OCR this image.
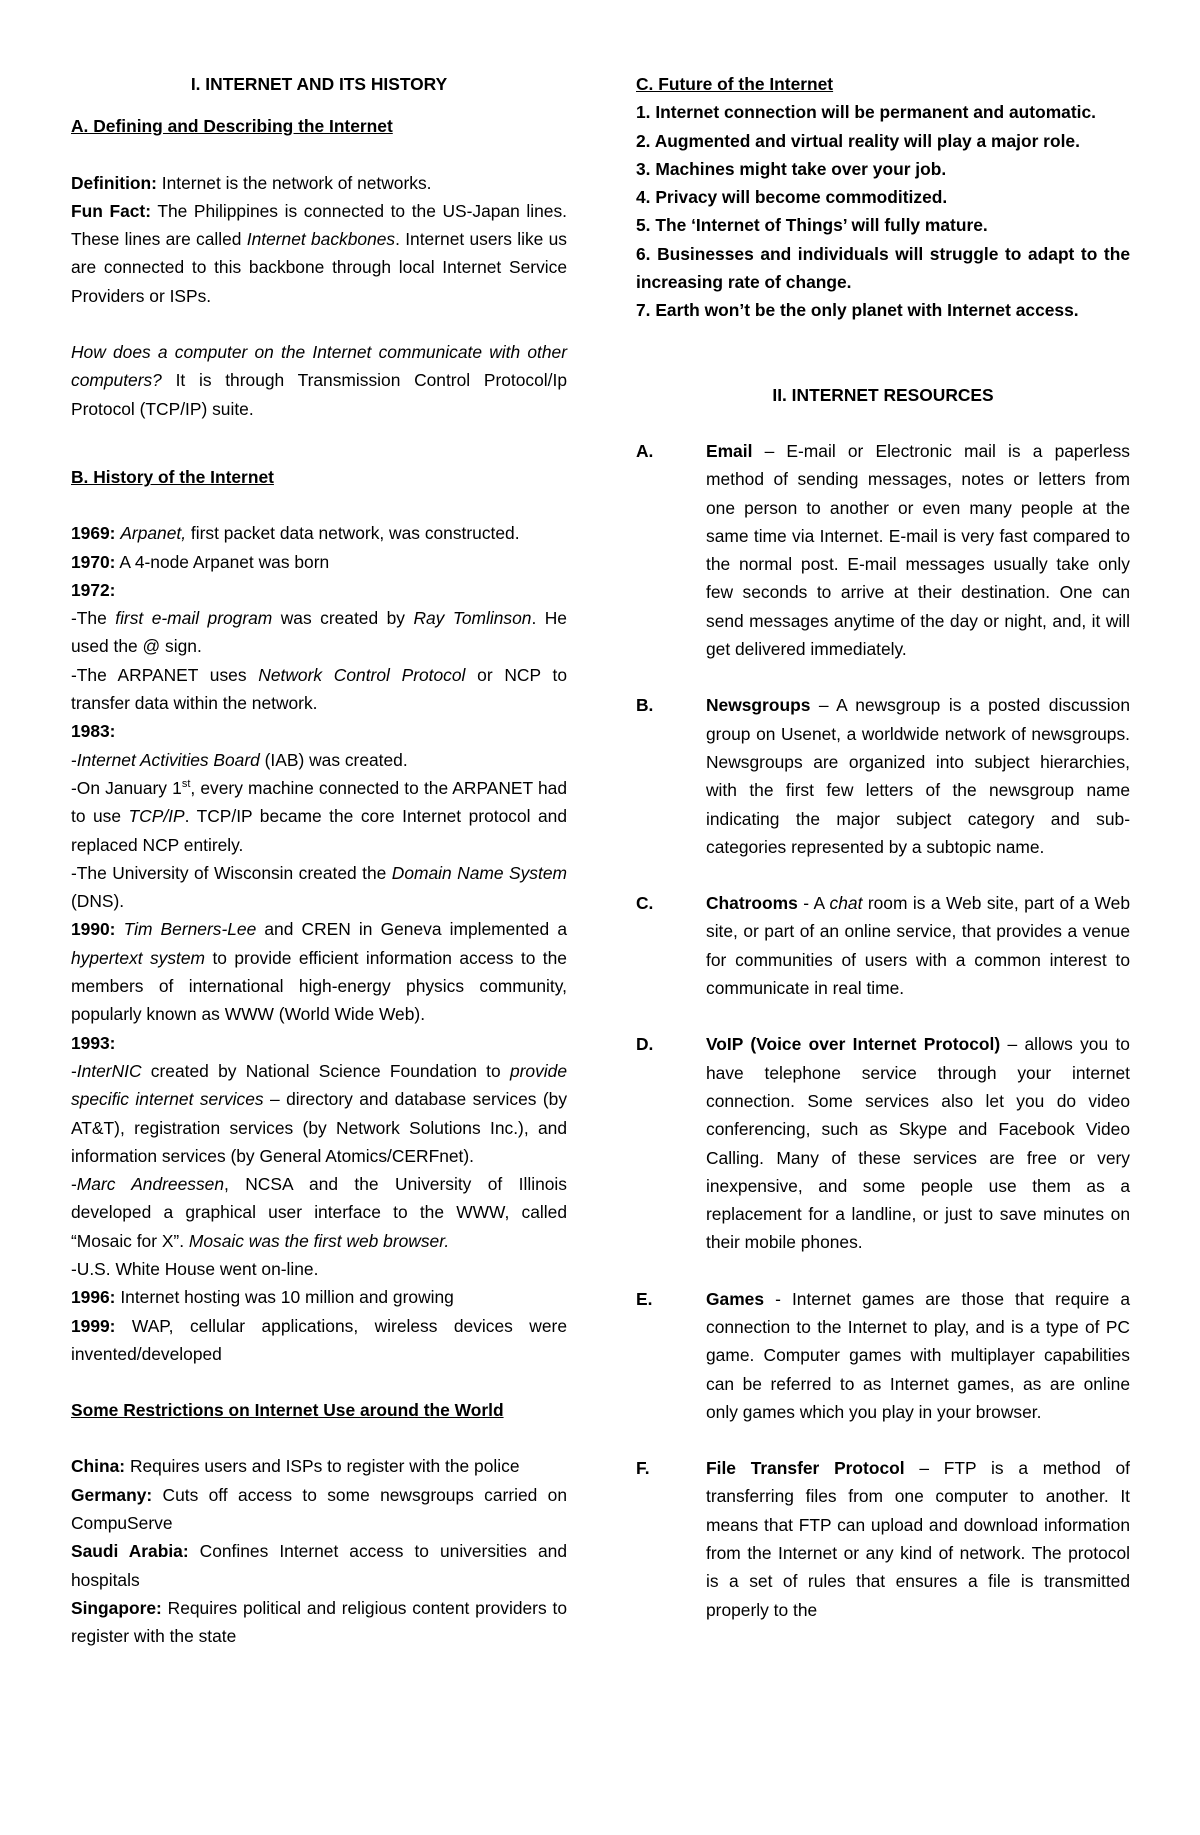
I. INTERNET AND ITS HISTORY

A. Defining and Describing the Internet

Definition: Internet is the network of networks.

Fun Fact: The Philippines is connected to the US-Japan lines. These lines are called Internet backbones. Internet users like us are connected to this backbone through local Internet Service Providers or ISPs.

How does a computer on the Internet communicate with other computers? It is through Transmission Control Protocol/Ip Protocol (TCP/IP) suite.

B. History of the Internet

1969: Arpanet, first packet data network, was constructed.

1970: A 4-node Arpanet was born

1972:

-The first e-mail program was created by Ray Tomlinson. He used the @ sign.

-The ARPANET uses Network Control Protocol or NCP to transfer data within the network.

1983:

-Internet Activities Board (IAB) was created.

-On January 1st, every machine connected to the ARPANET had to use TCP/IP. TCP/IP became the core Internet protocol and replaced NCP entirely.

-The University of Wisconsin created the Domain Name System (DNS).

1990: Tim Berners-Lee and CREN in Geneva implemented a hypertext system to provide efficient information access to the members of international high-energy physics community, popularly known as WWW (World Wide Web).

1993:

-InterNIC created by National Science Foundation to provide specific internet services – directory and database services (by AT&T), registration services (by Network Solutions Inc.), and information services (by General Atomics/CERFnet).

-Marc Andreessen, NCSA and the University of Illinois developed a graphical user interface to the WWW, called “Mosaic for X”. Mosaic was the first web browser.

-U.S. White House went on-line.

1996: Internet hosting was 10 million and growing

1999: WAP, cellular applications, wireless devices were invented/developed

Some Restrictions on Internet Use around the World

China: Requires users and ISPs to register with the police

Germany: Cuts off access to some newsgroups carried on CompuServe

Saudi Arabia: Confines Internet access to universities and hospitals

Singapore: Requires political and religious content providers to register with the state

C. Future of the Internet

1. Internet connection will be permanent and automatic.
2. Augmented and virtual reality will play a major role.
3. Machines might take over your job.
4. Privacy will become commoditized.
5. The ‘Internet of Things’ will fully mature.
6. Businesses and individuals will struggle to adapt to the increasing rate of change.
7. Earth won’t be the only planet with Internet access.

II. INTERNET RESOURCES

A.	Email – E-mail or Electronic mail is a paperless method of sending messages, notes or letters from one person to another or even many people at the same time via Internet. E-mail is very fast compared to the normal post. E-mail messages usually take only few seconds to arrive at their destination. One can send messages anytime of the day or night, and, it will get delivered immediately.
B.	Newsgroups – A newsgroup is a posted discussion group on Usenet, a worldwide network of newsgroups. Newsgroups are organized into subject hierarchies, with the first few letters of the newsgroup name indicating the major subject category and sub-categories represented by a subtopic name.
C.	Chatrooms - A chat room is a Web site, part of a Web site, or part of an online service, that provides a venue for communities of users with a common interest to communicate in real time.
D.	VoIP (Voice over Internet Protocol) – allows you to have telephone service through your internet connection. Some services also let you do video conferencing, such as Skype and Facebook Video Calling. Many of these services are free or very inexpensive, and some people use them as a replacement for a landline, or just to save minutes on their mobile phones.
E.	Games - Internet games are those that require a connection to the Internet to play, and is a type of PC game. Computer games with multiplayer capabilities can be referred to as Internet games, as are online only games which you play in your browser.
F.	File Transfer Protocol – FTP is a method of transferring files from one computer to another. It means that FTP can upload and download information from the Internet or any kind of network. The protocol is a set of rules that ensures a file is transmitted properly to the
